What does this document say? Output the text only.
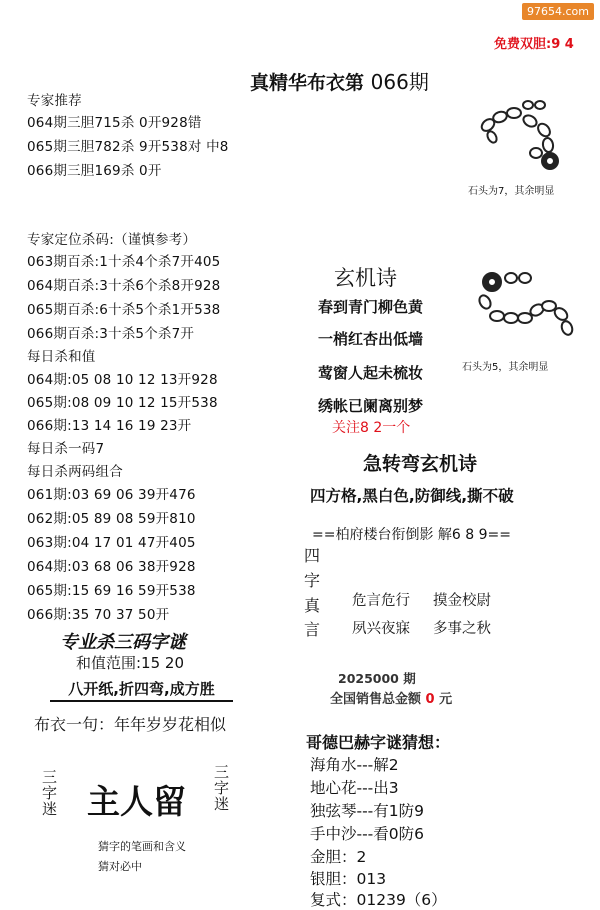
97654.com
免费双胆:9 4
真精华布衣第 066期
专家推荐
064期三胆715杀 0开928错
065期三胆782杀 9开538对 中8
066期三胆169杀 0开
专家定位杀码:（谨慎参考）
063期百杀:1十杀4个杀7开405
064期百杀:3十杀6个杀8开928
065期百杀:6十杀5个杀1开538
066期百杀:3十杀5个杀7开
每日杀和值
064期:05 08 10 12 13开928
065期:08 09 10 12 15开538
066期:13 14 16 19 23开
每日杀一码7
每日杀两码组合
061期:03 69 06 39开476
062期:05 89 08 59开810
063期:04 17 01 47开405
064期:03 68 06 38开928
065期:15 69 16 59开538
066期:35 70 37 50开
专业杀三码字谜
和值范围:15 20
八开纸,折四弯,成方胜
布衣一句：年年岁岁花相似
三
字
迷 主人留
三
字
迷
猜字的笔画和含义
猜对必中
石头为7，其余明显
玄机诗
春到青门柳色黄
一梢红杏出低墙
莺窗人起未梳妆
绣帐已阑离别梦
关注8 2一个
石头为5，其余明显
急转弯玄机诗
四方格,黑白色,防御线,撕不破
==柏府楼台衔倒影 解6 8 9==
四
字
真
言
危言危行 摸金校尉
夙兴夜寐 多事之秋
2025000 期
全国销售总金额 0 元
哥德巴赫字谜猜想：
海角水---解2
地心花---出3
独弦琴---有1防9
手中沙---看0防6
金胆：2
银胆：013
复式：01239（6）
